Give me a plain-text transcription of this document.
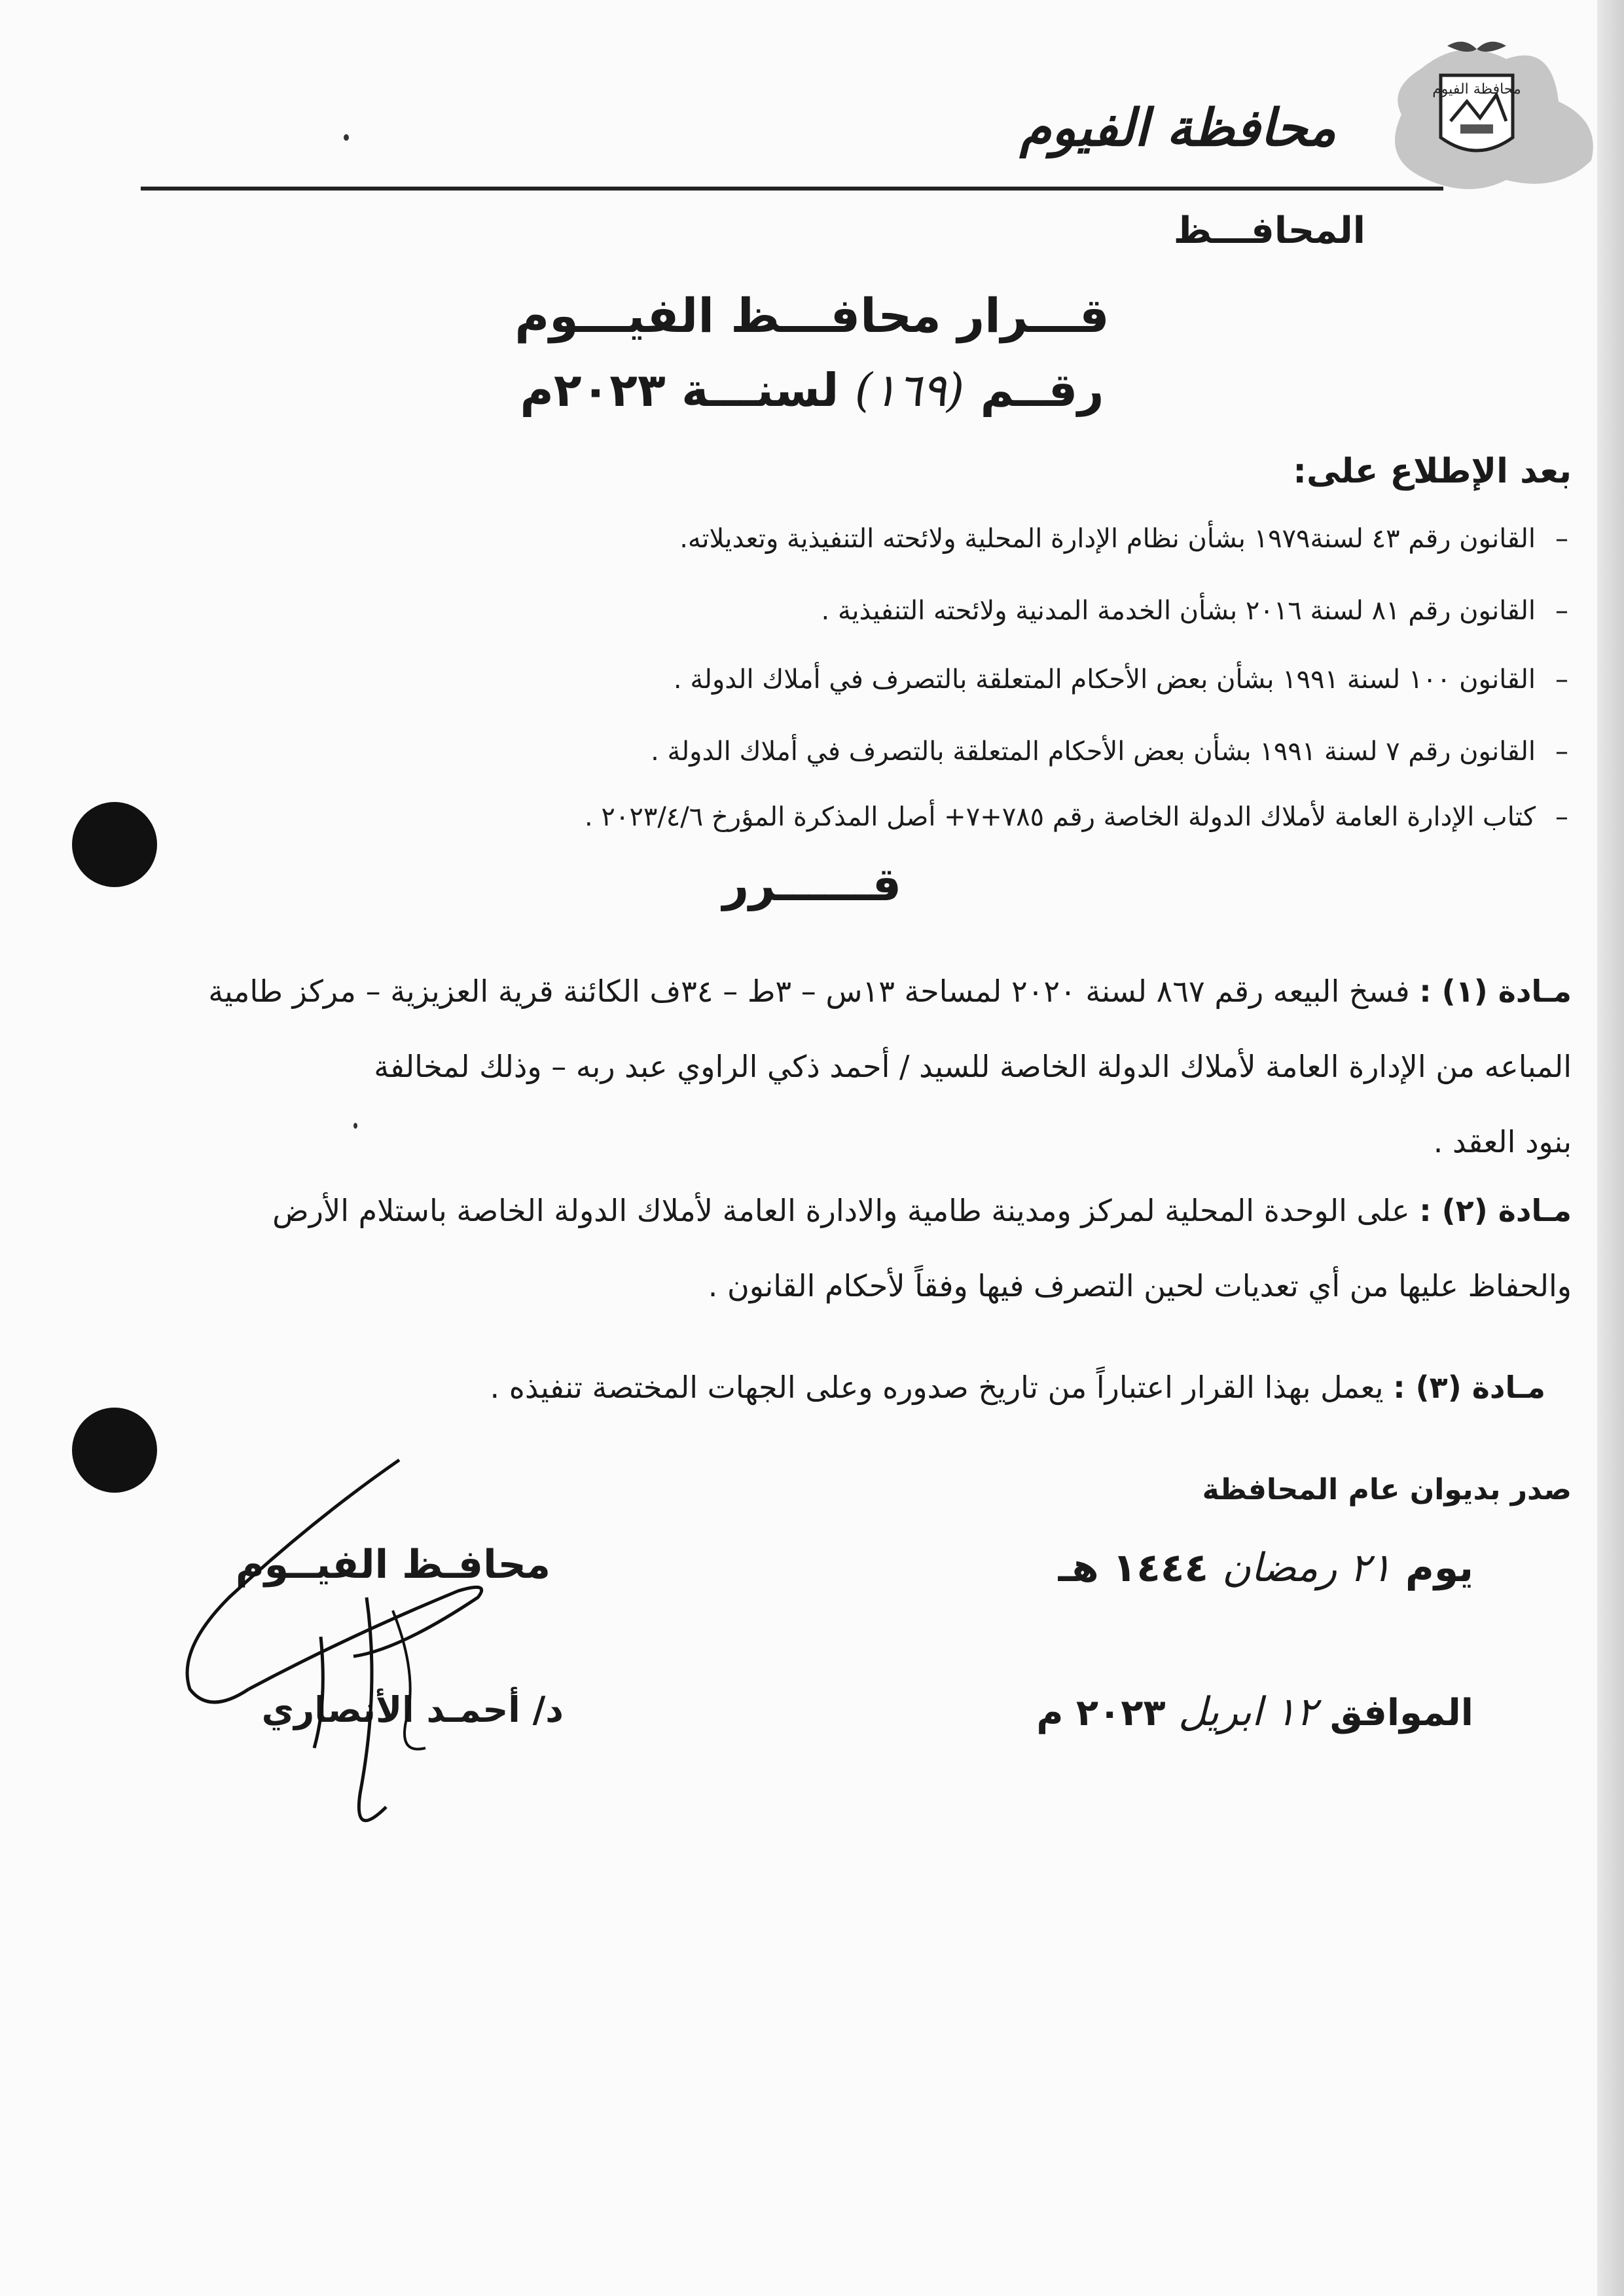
محافظة الفيوم
محافظة الفيوم
المحافـــظ
قـــرار محافـــظ الفيـــوم
رقــم (١٦٩) لسنـــة ٢٠٢٣م
بعد الإطلاع على:
–
القانون رقم ٤٣ لسنة١٩٧٩ بشأن نظام الإدارة المحلية ولائحته التنفيذية وتعديلاته.
–
القانون رقم ٨١ لسنة ٢٠١٦ بشأن الخدمة المدنية ولائحته التنفيذية .
–
القانون ١٠٠ لسنة ١٩٩١ بشأن بعض الأحكام المتعلقة بالتصرف في أملاك الدولة .
–
القانون رقم ٧ لسنة ١٩٩١ بشأن بعض الأحكام المتعلقة بالتصرف في أملاك الدولة .
–
كتاب الإدارة العامة لأملاك الدولة الخاصة رقم ٧٨٥+٧+ أصل المذكرة المؤرخ ٢٠٢٣/٤/٦ .
قــــــرر
مـادة (١) : فسخ البيعه رقم ٨٦٧ لسنة ٢٠٢٠ لمساحة ١٣س – ٣ط – ٣٤ف الكائنة قرية العزيزية – مركز طامية
المباعه من الإدارة العامة لأملاك الدولة الخاصة للسيد / أحمد ذكي الراوي عبد ربه – وذلك لمخالفة
بنود العقد .
مـادة (٢) : على الوحدة المحلية لمركز ومدينة طامية والادارة العامة لأملاك الدولة الخاصة باستلام الأرض
والحفاظ عليها من أي تعديات لحين التصرف فيها وفقاً لأحكام القانون .
مـادة (٣) : يعمل بهذا القرار اعتباراً من تاريخ صدوره وعلى الجهات المختصة تنفيذه .
صدر بديوان عام المحافظة
يوم ٢١ رمضان ١٤٤٤ هـ
الموافق ١٢ ابريل ٢٠٢٣ م
محافـظ الفيــوم
د/ أحمـد الأنصاري
